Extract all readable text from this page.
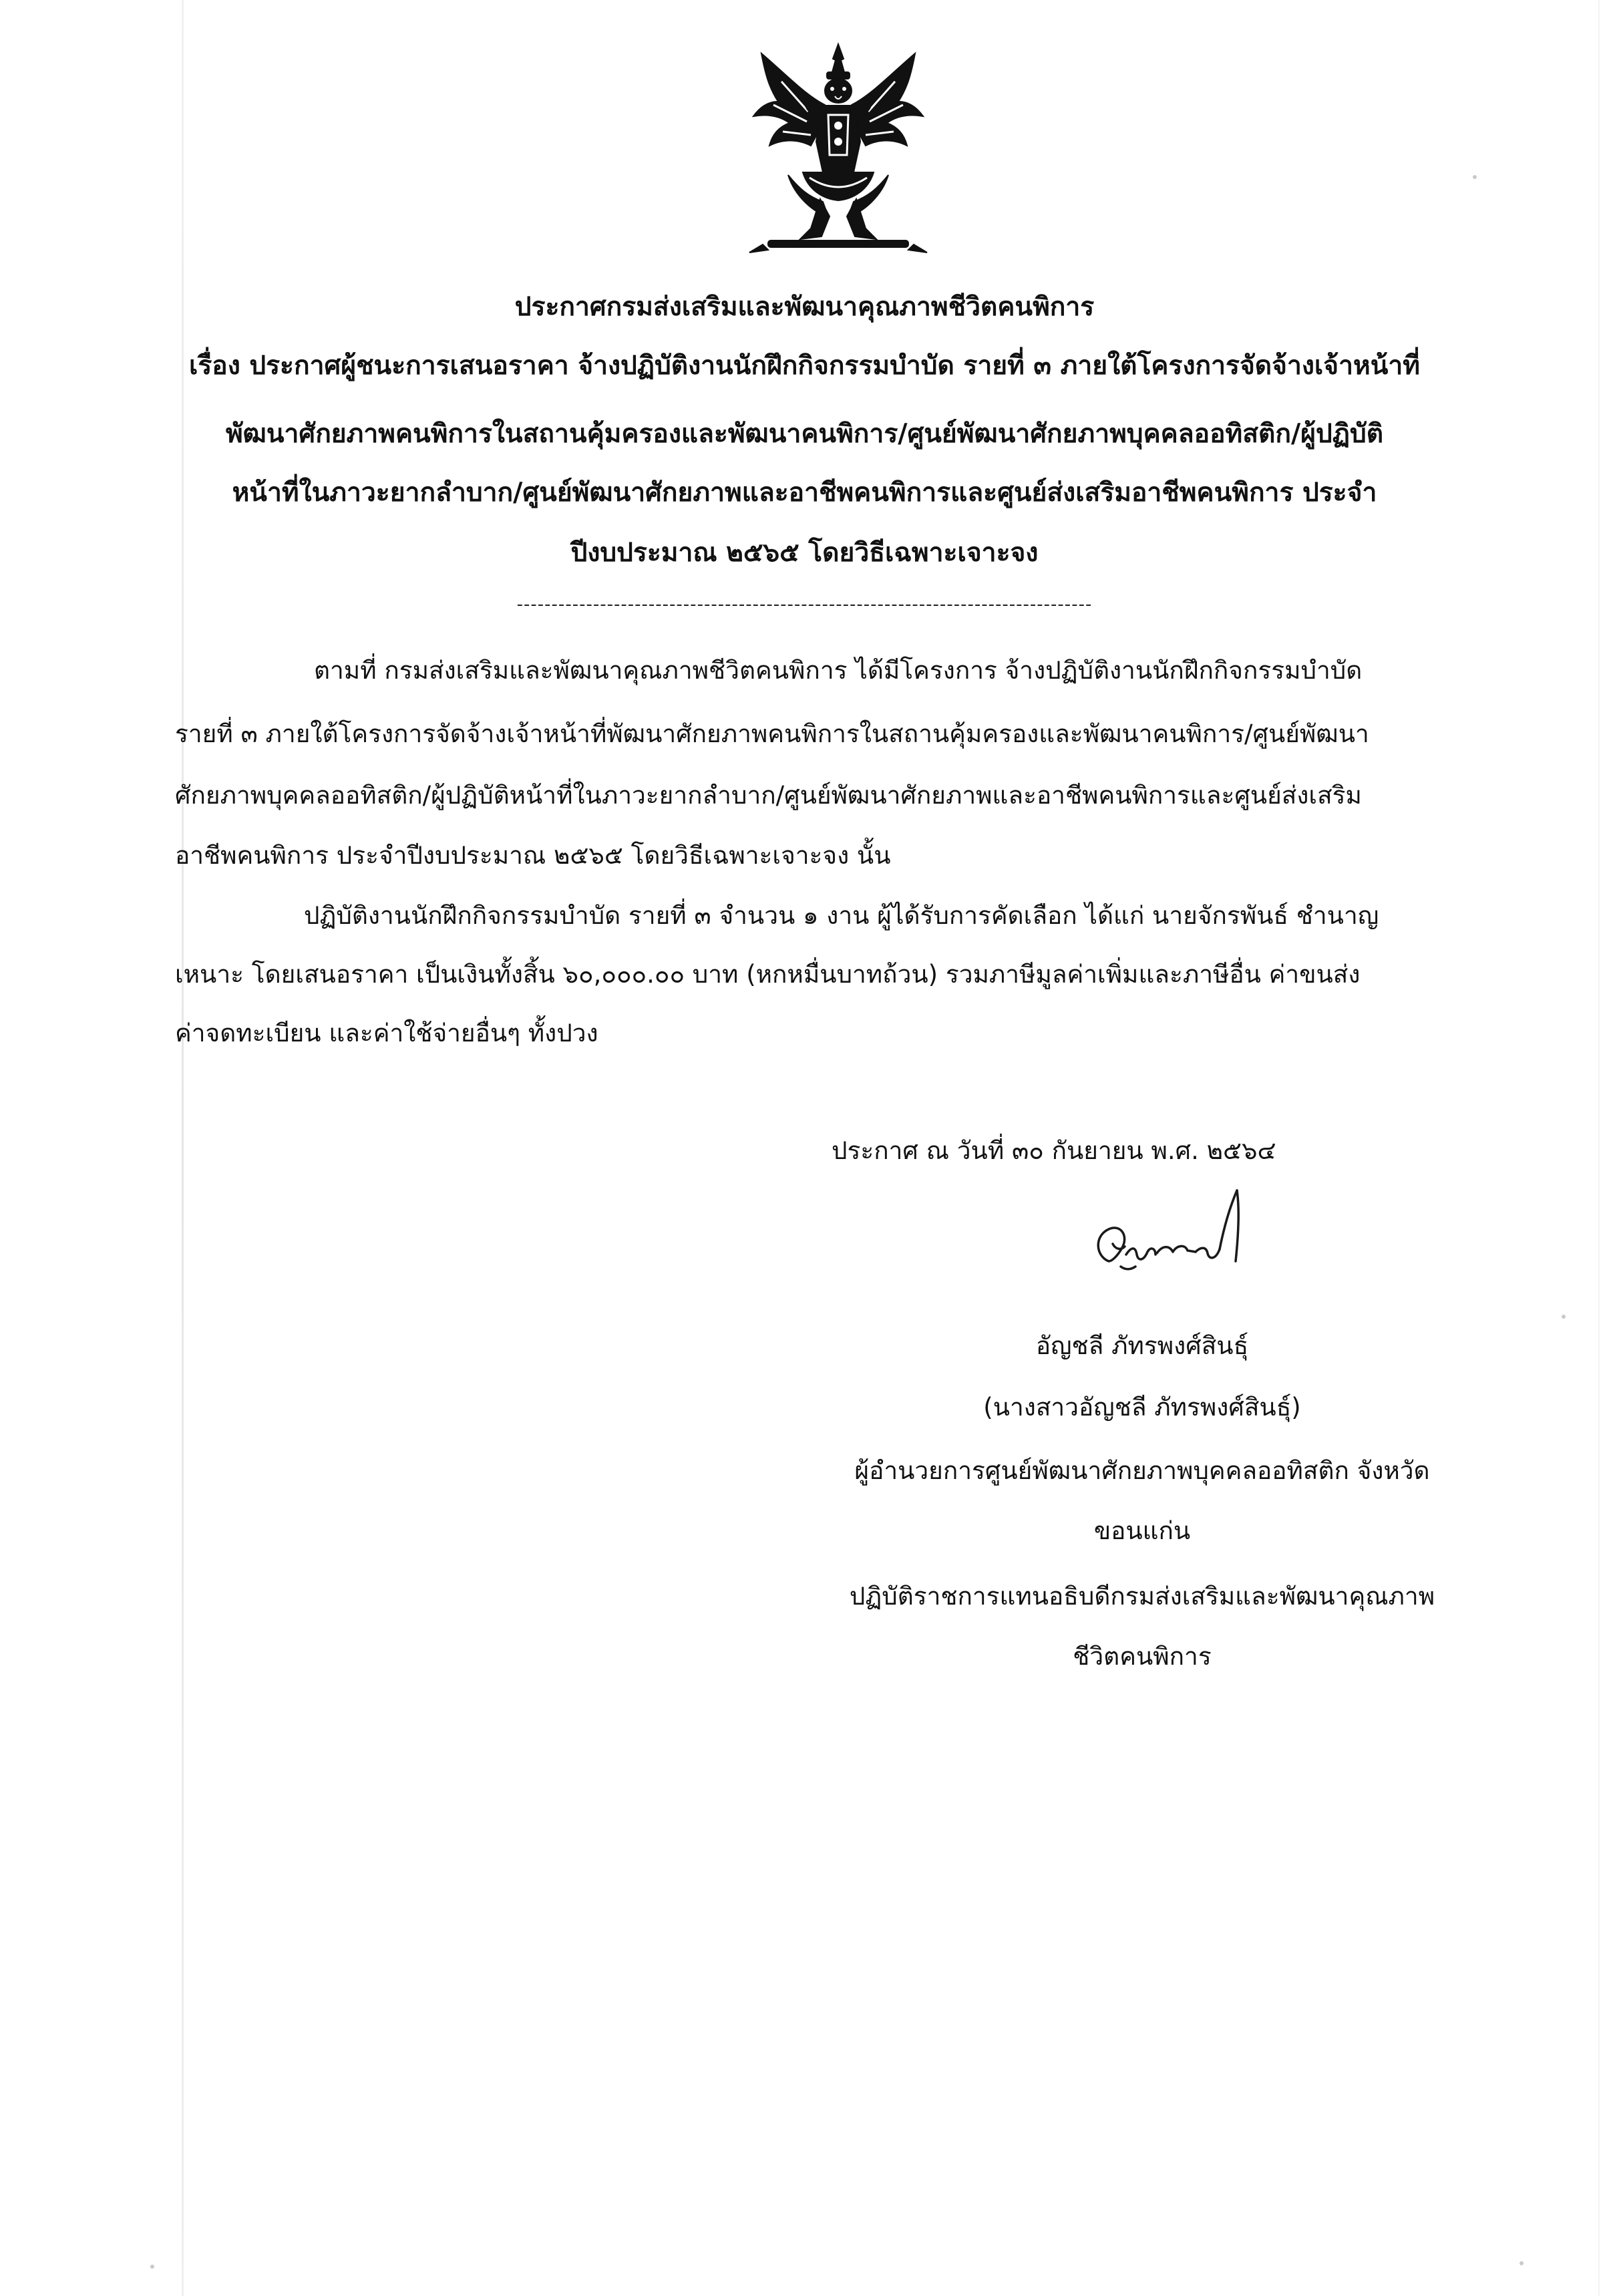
ประกาศกรมส่งเสริมและพัฒนาคุณภาพชีวิตคนพิการ
เรื่อง ประกาศผู้ชนะการเสนอราคา จ้างปฏิบัติงานนักฝึกกิจกรรมบำบัด รายที่ ๓ ภายใต้โครงการจัดจ้างเจ้าหน้าที่
พัฒนาศักยภาพคนพิการในสถานคุ้มครองและพัฒนาคนพิการ/ศูนย์พัฒนาศักยภาพบุคคลออทิสติก/ผู้ปฏิบัติ
หน้าที่ในภาวะยากลำบาก/ศูนย์พัฒนาศักยภาพและอาชีพคนพิการและศูนย์ส่งเสริมอาชีพคนพิการ ประจำ
ปีงบประมาณ ๒๕๖๕ โดยวิธีเฉพาะเจาะจง
-----------------------------------------------------------------------------------
ตามที่ กรมส่งเสริมและพัฒนาคุณภาพชีวิตคนพิการ ได้มีโครงการ จ้างปฏิบัติงานนักฝึกกิจกรรมบำบัด
รายที่ ๓ ภายใต้โครงการจัดจ้างเจ้าหน้าที่พัฒนาศักยภาพคนพิการในสถานคุ้มครองและพัฒนาคนพิการ/ศูนย์พัฒนา
ศักยภาพบุคคลออทิสติก/ผู้ปฏิบัติหน้าที่ในภาวะยากลำบาก/ศูนย์พัฒนาศักยภาพและอาชีพคนพิการและศูนย์ส่งเสริม
อาชีพคนพิการ ประจำปีงบประมาณ ๒๕๖๕ โดยวิธีเฉพาะเจาะจง นั้น
ปฏิบัติงานนักฝึกกิจกรรมบำบัด รายที่ ๓ จำนวน ๑ งาน ผู้ได้รับการคัดเลือก ได้แก่ นายจักรพันธ์ ชำนาญ
เหนาะ โดยเสนอราคา เป็นเงินทั้งสิ้น ๖๐,๐๐๐.๐๐ บาท (หกหมื่นบาทถ้วน) รวมภาษีมูลค่าเพิ่มและภาษีอื่น ค่าขนส่ง
ค่าจดทะเบียน และค่าใช้จ่ายอื่นๆ ทั้งปวง
ประกาศ ณ วันที่ ๓๐ กันยายน พ.ศ. ๒๕๖๔
อัญชลี ภัทรพงศ์สินธุ์
(นางสาวอัญชลี ภัทรพงศ์สินธุ์)
ผู้อำนวยการศูนย์พัฒนาศักยภาพบุคคลออทิสติก จังหวัด
ขอนแก่น
ปฏิบัติราชการแทนอธิบดีกรมส่งเสริมและพัฒนาคุณภาพ
ชีวิตคนพิการ
